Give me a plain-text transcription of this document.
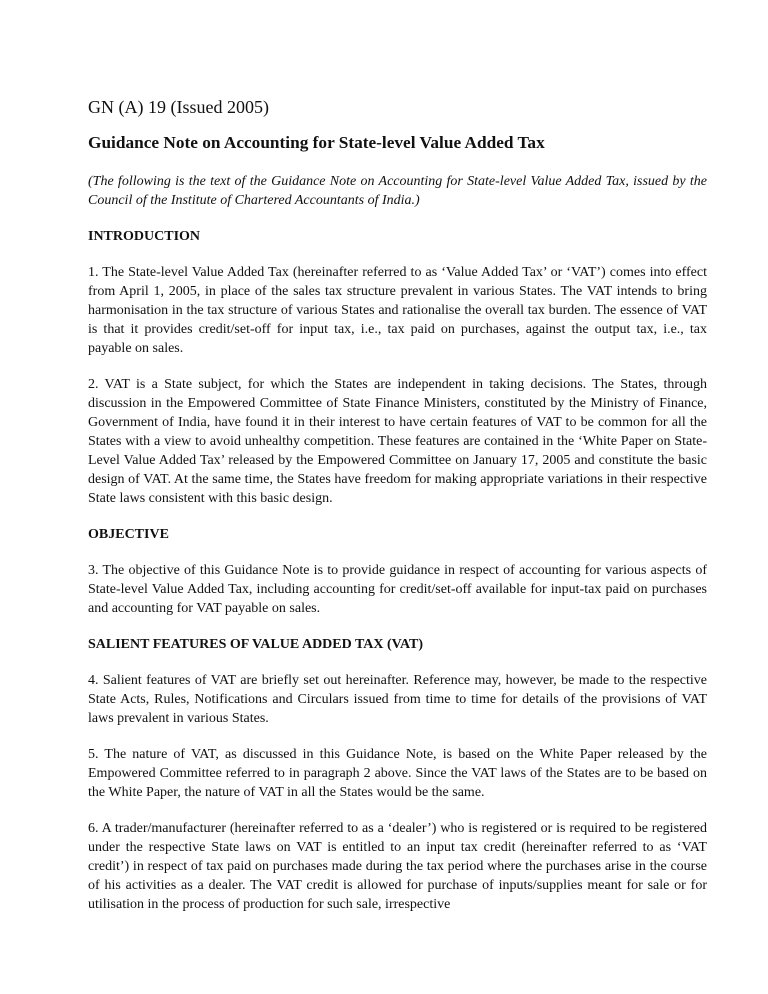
GN (A) 19 (Issued 2005)
Guidance Note on Accounting for State-level Value Added Tax

(The following is the text of the Guidance Note on Accounting for State-level Value Added Tax, issued by the Council of the Institute of Chartered Accountants of India.)

INTRODUCTION

1. The State-level Value Added Tax (hereinafter referred to as ‘Value Added Tax’ or ‘VAT’) comes into effect from April 1, 2005, in place of the sales tax structure prevalent in various States. The VAT intends to bring harmonisation in the tax structure of various States and rationalise the overall tax burden. The essence of VAT is that it provides credit/set-off for input tax, i.e., tax paid on purchases, against the output tax, i.e., tax payable on sales.

2. VAT is a State subject, for which the States are independent in taking decisions. The States, through discussion in the Empowered Committee of State Finance Ministers, constituted by the Ministry of Finance, Government of India, have found it in their interest to have certain features of VAT to be common for all the States with a view to avoid unhealthy competition. These features are contained in the ‘White Paper on State-Level Value Added Tax’ released by the Empowered Committee on January 17, 2005 and constitute the basic design of VAT. At the same time, the States have freedom for making appropriate variations in their respective State laws consistent with this basic design.

OBJECTIVE

3. The objective of this Guidance Note is to provide guidance in respect of accounting for various aspects of State-level Value Added Tax, including accounting for credit/set-off available for input-tax paid on purchases and accounting for VAT payable on sales.

SALIENT FEATURES OF VALUE ADDED TAX (VAT)

4. Salient features of VAT are briefly set out hereinafter. Reference may, however, be made to the respective State Acts, Rules, Notifications and Circulars issued from time to time for details of the provisions of VAT laws prevalent in various States.

5. The nature of VAT, as discussed in this Guidance Note, is based on the White Paper released by the Empowered Committee referred to in paragraph 2 above. Since the VAT laws of the States are to be based on the White Paper, the nature of VAT in all the States would be the same.

6. A trader/manufacturer (hereinafter referred to as a ‘dealer’) who is registered or is required to be registered under the respective State laws on VAT is entitled to an input tax credit (hereinafter referred to as ‘VAT credit’) in respect of tax paid on purchases made during the tax period where the purchases arise in the course of his activities as a dealer. The VAT credit is allowed for purchase of inputs/supplies meant for sale or for utilisation in the process of production for such sale, irrespective
